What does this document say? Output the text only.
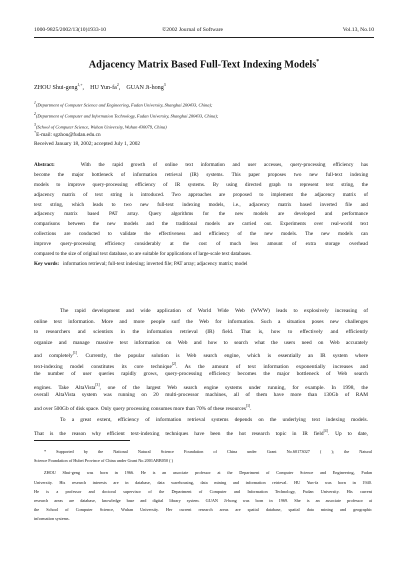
1000-9825/2002/13(10)1933-10	©2002 Journal of Software	Vol.13, No.10
Adjacency Matrix Based Full-Text Indexing Models*
ZHOU Shui-geng$^{1,+}$,    HU Yun-$fa^2$,    GUAN Ji-hong$^3$
$^1$(Department of Computer Science and Engineering, Fudan University, Shanghai 200433, China);
$^2$(Department of Computer and Information Technology, Fudan University, Shanghai 200433, China);
$^3$(School of Computer Science, Wuhan University, Wuhan 430079, China)
+E-mail: sgzhou@fudan.edu.cn
Received January 18, 2002; accepted July 1, 2002
Abstract:	With the rapid growth of online text information and user accesses, query-processing efficiency has
become the major bottleneck of information retrieval (IR) systems. This paper proposes two new full-text indexing
models to improve query-processing efficiency of IR systems. By using directed graph to represent text string, the
adjacency matrix of text string is introduced. Two approaches are proposed to implement the adjacency matrix of
text string, which leads to two new full-text indexing models, i.e., adjacency matrix based inverted file and
adjacency matrix based PAT array. Query algorithms for the new models are developed and performance
comparisons between the new models and the traditional models are carried out. Experiments over real-world text
collections are conducted to validate the effectiveness and efficiency of the new models. The new models can
improve query-processing efficiency considerably at the cost of much less amount of extra storage overhead
compared to the size of original text database, so are suitable for applications of large-scale text databases.
Key words: information retrieval; full-text indexing; inverted file; PAT array; adjacency matrix; model
The rapid development and wide application of World Wide Web (WWW) leads to explosively increasing of
online text information. More and more people surf the Web for information. Such a situation poses new challenges
to researchers and scientists in the information retrieval (IR) field. That is, how to effectively and efficiently
organize and manage massive text information on Web and how to search what the users need on Web accurately
and completely[1]. Currently, the popular solution is Web search engine, which is essentially an IR system where
text-indexing model constitutes its core technique[2]. As the amount of text information exponentially increases and
the number of user queries rapidly grows, query-processing efficiency becomes the major bottleneck of Web search
engines. Take AltaVista[3], one of the largest Web search engine systems under running, for example. In 1998, the
overall AltaVista system was running on 20 multi-processor machines, all of them have more than 130Gb of RAM
and over 500Gb of disk space. Only query processing consumes more than 70% of these resources[1].
To a great extent, efficiency of information retrieval systems depends on the underlying text indexing models.
That is the reason why efficient text-indexing techniques have been the hot research topic in IR field[4]. Up to date,
* Supported by the National Natural Science Foundation of China under Grant No.60173027 ( ); the Natural
Science Foundation of Hubei Province of China under Grant No.2001ABB050 ( )
ZHOU Shui-geng was born in 1966. He is an associate professor at the Department of Computer Science and Engineering, Fudan
University. His research interests are in database, data warehousing, data mining and information retrieval. HU Yun-fa was born in 1940.
He is a professor and doctoral supervisor of the Department of Computer and Information Technology, Fudan University. His current
research areas are database, knowledge base and digital library system. GUAN Ji-hong was born in 1969. She is an associate professor at
the School of Computer Science, Wuhan University. Her current research areas are spatial database, spatial data mining and geographic
information systems.
